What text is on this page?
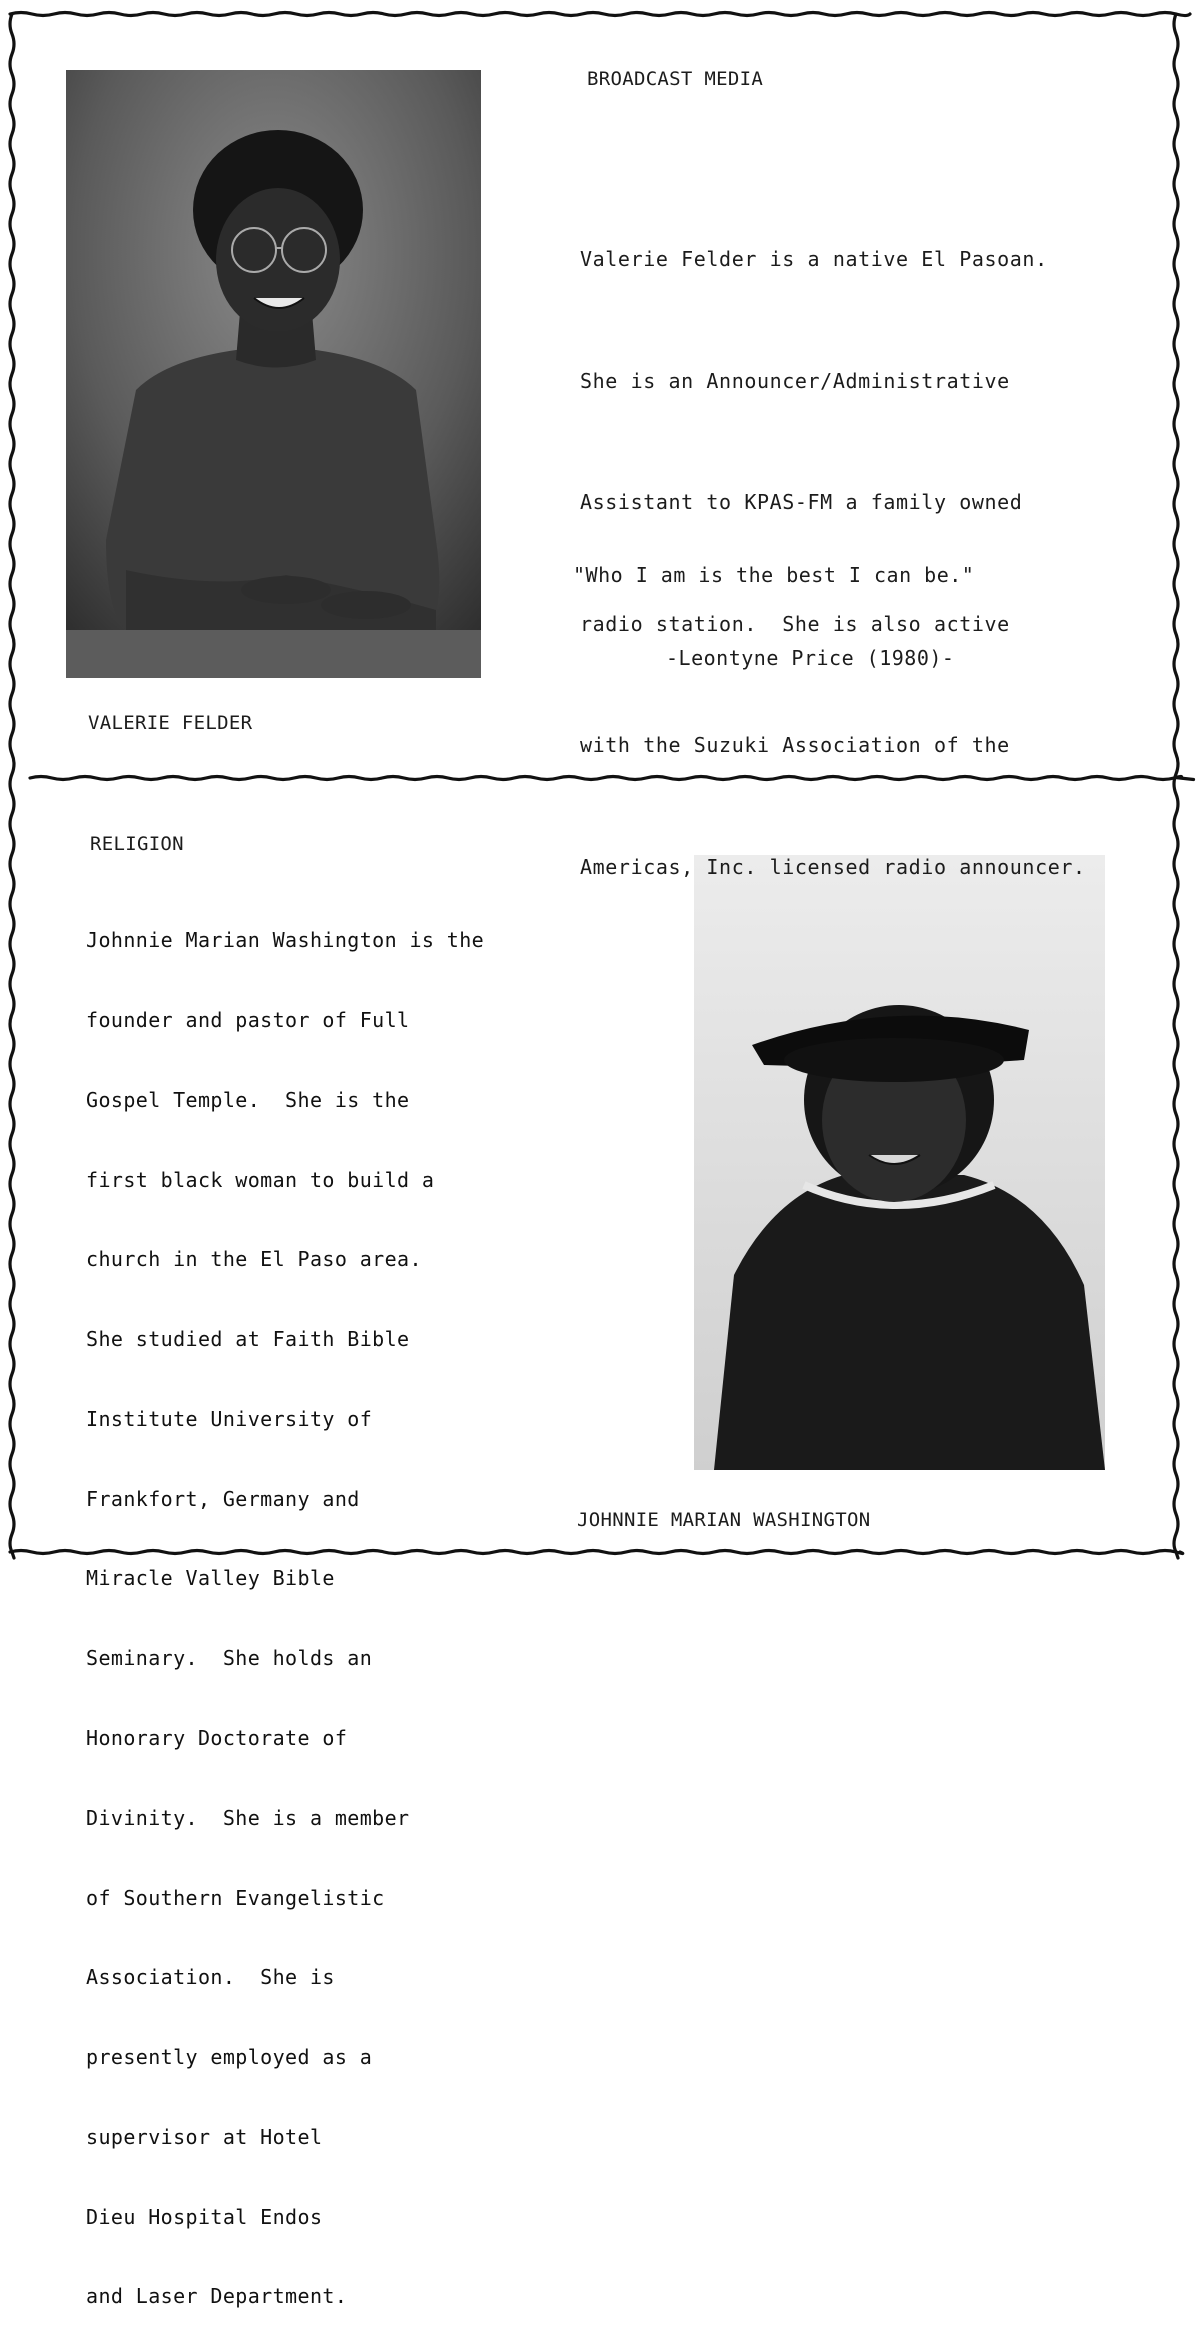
BROADCAST MEDIA

Valerie Felder is a native El Pasoan.

She is an Announcer/Administrative

Assistant to KPAS-FM a family owned

radio station.  She is also active

with the Suzuki Association of the

Americas, Inc. licensed radio announcer.

"Who I am is the best I can be."
-Leontyne Price (1980)-
VALERIE FELDER
RELIGION

Johnnie Marian Washington is the

founder and pastor of Full

Gospel Temple.  She is the

first black woman to build a

church in the El Paso area.

She studied at Faith Bible

Institute University of

Frankfort, Germany and

Miracle Valley Bible

Seminary.  She holds an

Honorary Doctorate of

Divinity.  She is a member

of Southern Evangelistic

Association.  She is

presently employed as a

supervisor at Hotel

Dieu Hospital Endos

and Laser Department.

JOHNNIE MARIAN WASHINGTON
